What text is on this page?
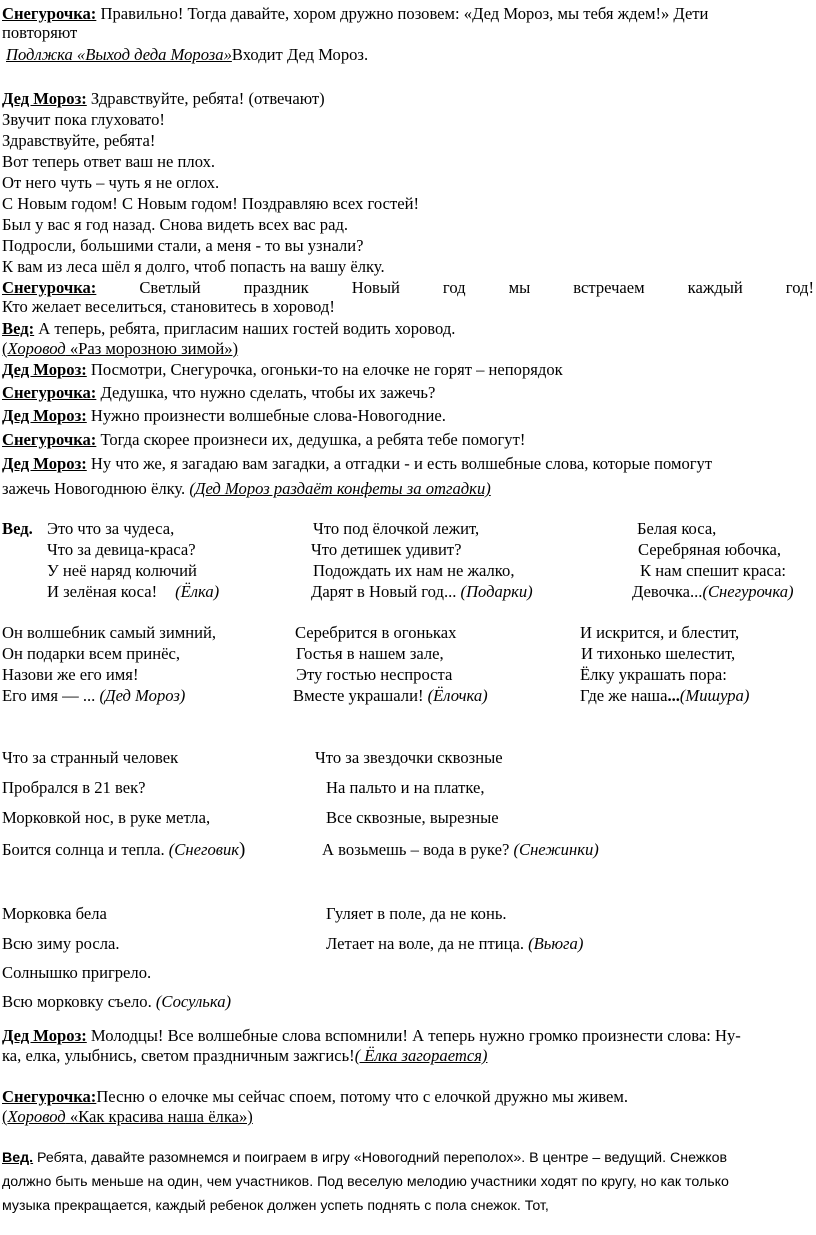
Снегурочка: Правильно! Тогда давайте, хором дружно позовем: «Дед Мороз, мы тебя ждем!» Дети
повторяют
Подлжка «Выход деда Мороза»Входит Дед Мороз.
Дед Мороз: Здравствуйте, ребята! (отвечают)
Звучит пока глуховато!
Здравствуйте, ребята!
Вот теперь ответ ваш не плох.
От него чуть – чуть я не оглох.
С Новым годом! С Новым годом! Поздравляю всех гостей!
Был у вас я год назад. Снова видеть всех вас рад.
Подросли, большими стали, а меня - то вы узнали?
К вам из леса шёл я долго, чтоб попасть на вашу ёлку.
Снегурочка: Светлый праздник Новый год мы встречаем каждый год!
Кто желает веселиться, становитесь в хоровод!
Вед: А теперь, ребята, пригласим наших гостей водить хоровод.
(Хоровод «Раз морозною зимой»)
Дед Мороз: Посмотри, Снегурочка, огоньки-то на елочке не горят – непорядок
Снегурочка: Дедушка, что нужно сделать, чтобы их зажечь?
Дед Мороз: Нужно произнести волшебные слова-Новогодние.
Снегурочка: Тогда скорее произнеси их, дедушка, а ребята тебе помогут!
Дед Мороз: Ну что же, я загадаю вам загадки, а отгадки - и есть волшебные слова, которые помогут
зажечь Новогоднюю ёлку. (Дед Мороз раздаёт конфеты за отгадки)
Вед. Это что за чудеса,
Что за девица-краса?
У неё наряд колючий
И зелёная коса! (Ёлка)
Что под ёлочкой лежит,
Что детишек удивит?
Подождать их нам не жалко,
Дарят в Новый год... (Подарки)
Белая коса,
Серебряная юбочка,
К нам спешит краса:
Девочка...(Снегурочка)
Он волшебник самый зимний,
Он подарки всем принёс,
Назови же его имя!
Его имя — ... (Дед Мороз)
Серебрится в огоньках
Гостья в нашем зале,
Эту гостью неспроста
Вместе украшали! (Ёлочка)
И искрится, и блестит,
И тихонько шелестит,
Ёлку украшать пора:
Где же наша...(Мишура)
Что за странный человек
Пробрался в 21 век?
Морковкой нос, в руке метла,
Боится солнца и тепла. (Снеговик)
Что за звездочки сквозные
На пальто и на платке,
Все сквозные, вырезные
А возьмешь – вода в руке? (Снежинки)
Морковка бела
Всю зиму росла.
Солнышко пригрело.
Всю морковку съело. (Сосулька)
Гуляет в поле, да не конь.
Летает на воле, да не птица. (Вьюга)
Дед Мороз: Молодцы! Все волшебные слова вспомнили! А теперь нужно громко произнести слова: Ну-
ка, елка, улыбнись, светом праздничным зажгись!( Ёлка загорается)
Снегурочка:Песню о елочке мы сейчас споем, потому что с елочкой дружно мы живем.
(Хоровод «Как красива наша ёлка»)
Вед. Ребята, давайте разомнемся и поиграем в игру «Новогодний переполох». В центре – ведущий. Снежков
должно быть меньше на один, чем участников. Под веселую мелодию участники ходят по кругу, но как только
музыка прекращается, каждый ребенок должен успеть поднять с пола снежок. Тот,
